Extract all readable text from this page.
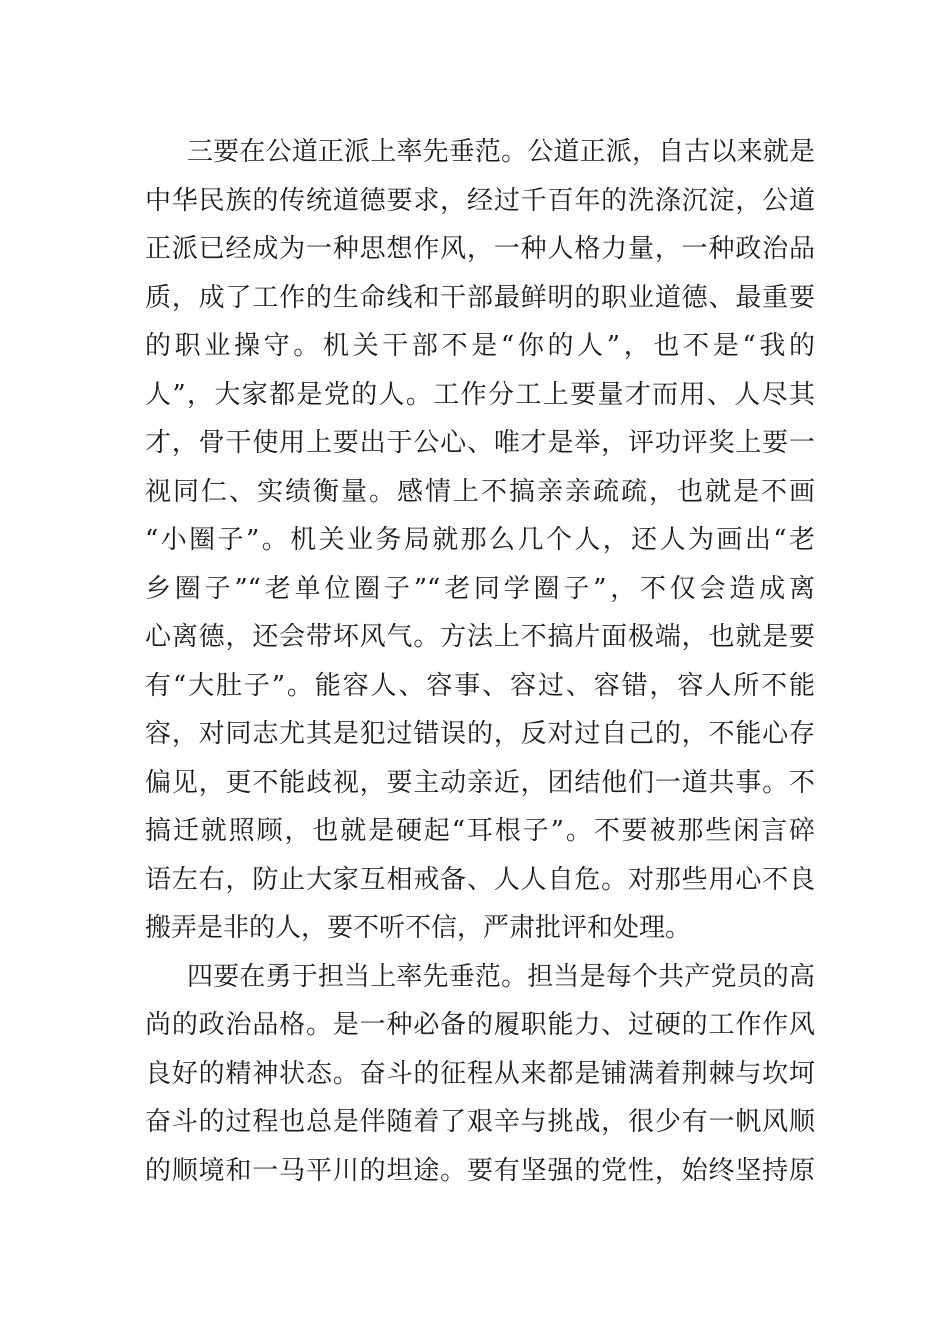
三要在公道正派上率先垂范。公道正派，自古以来就是
中华民族的传统道德要求，经过千百年的洗涤沉淀，公道
正派已经成为一种思想作风，一种人格力量，一种政治品
质，成了工作的生命线和干部最鲜明的职业道德、最重要
的职业操守。机关干部不是“你的人”，也不是“我的
人”，大家都是党的人。工作分工上要量才而用、人尽其
才，骨干使用上要出于公心、唯才是举，评功评奖上要一
视同仁、实绩衡量。感情上不搞亲亲疏疏，也就是不画
“小圈子”。机关业务局就那么几个人，还人为画出“老
乡圈子”“老单位圈子”“老同学圈子”，不仅会造成离
心离德，还会带坏风气。方法上不搞片面极端，也就是要
有“大肚子”。能容人、容事、容过、容错，容人所不能
容，对同志尤其是犯过错误的，反对过自己的，不能心存
偏见，更不能歧视，要主动亲近，团结他们一道共事。不
搞迁就照顾，也就是硬起“耳根子”。不要被那些闲言碎
语左右，防止大家互相戒备、人人自危。对那些用心不良
搬弄是非的人，要不听不信，严肃批评和处理。
四要在勇于担当上率先垂范。担当是每个共产党员的高
尚的政治品格。是一种必备的履职能力、过硬的工作作风
良好的精神状态。奋斗的征程从来都是铺满着荆棘与坎坷
奋斗的过程也总是伴随着了艰辛与挑战，很少有一帆风顺
的顺境和一马平川的坦途。要有坚强的党性，始终坚持原
